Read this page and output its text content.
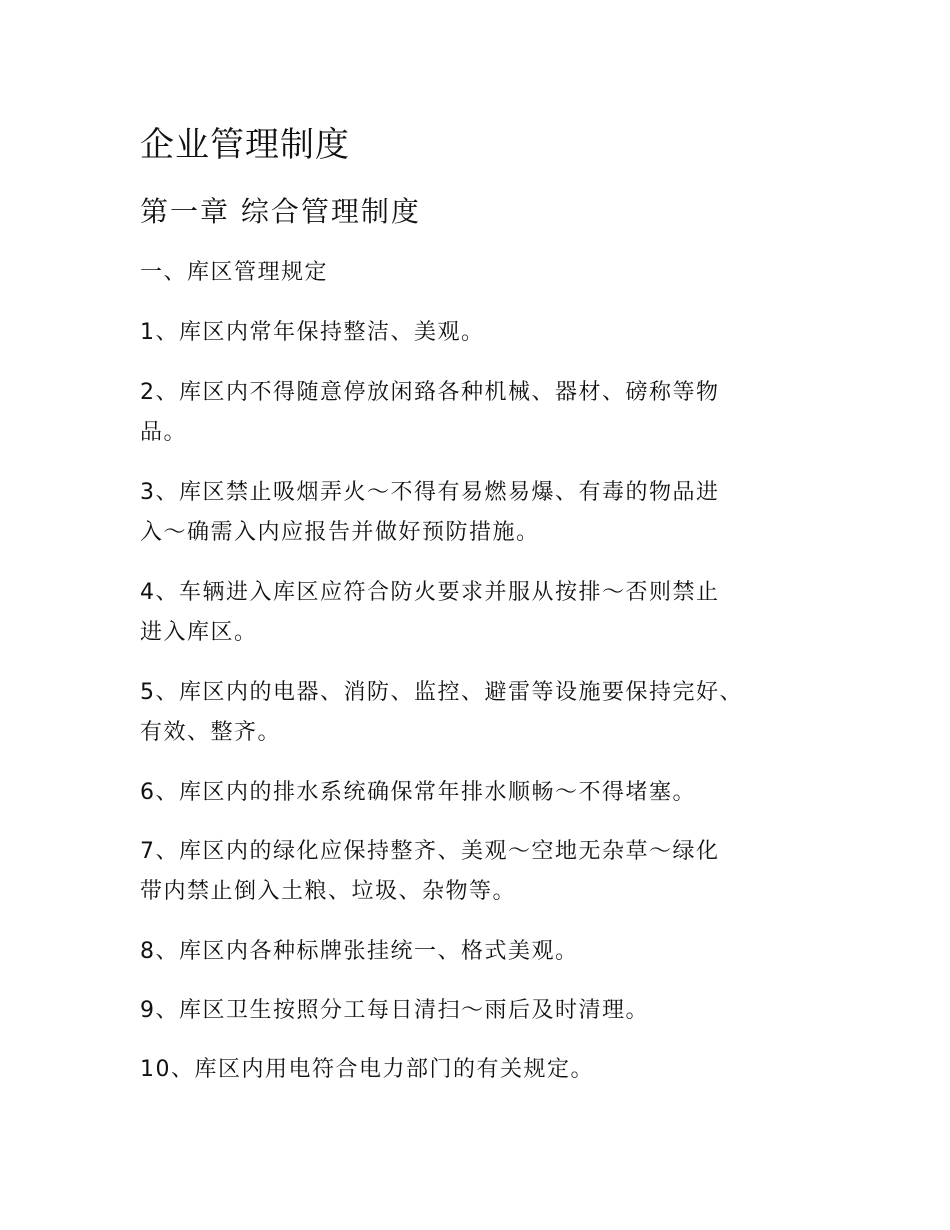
企业管理制度
第一章 综合管理制度
一、库区管理规定

1、库区内常年保持整洁、美观。

2、库区内不得随意停放闲臵各种机械、器材、磅称等物
品。

3、库区禁止吸烟弄火～不得有易燃易爆、有毒的物品进
入～确需入内应报告并做好预防措施。

4、车辆进入库区应符合防火要求并服从按排～否则禁止
进入库区。

5、库区内的电器、消防、监控、避雷等设施要保持完好、
有效、整齐。

6、库区内的排水系统确保常年排水顺畅～不得堵塞。

7、库区内的绿化应保持整齐、美观～空地无杂草～绿化
带内禁止倒入土粮、垃圾、杂物等。

8、库区内各种标牌张挂统一、格式美观。

9、库区卫生按照分工每日清扫～雨后及时清理。

10、库区内用电符合电力部门的有关规定。
